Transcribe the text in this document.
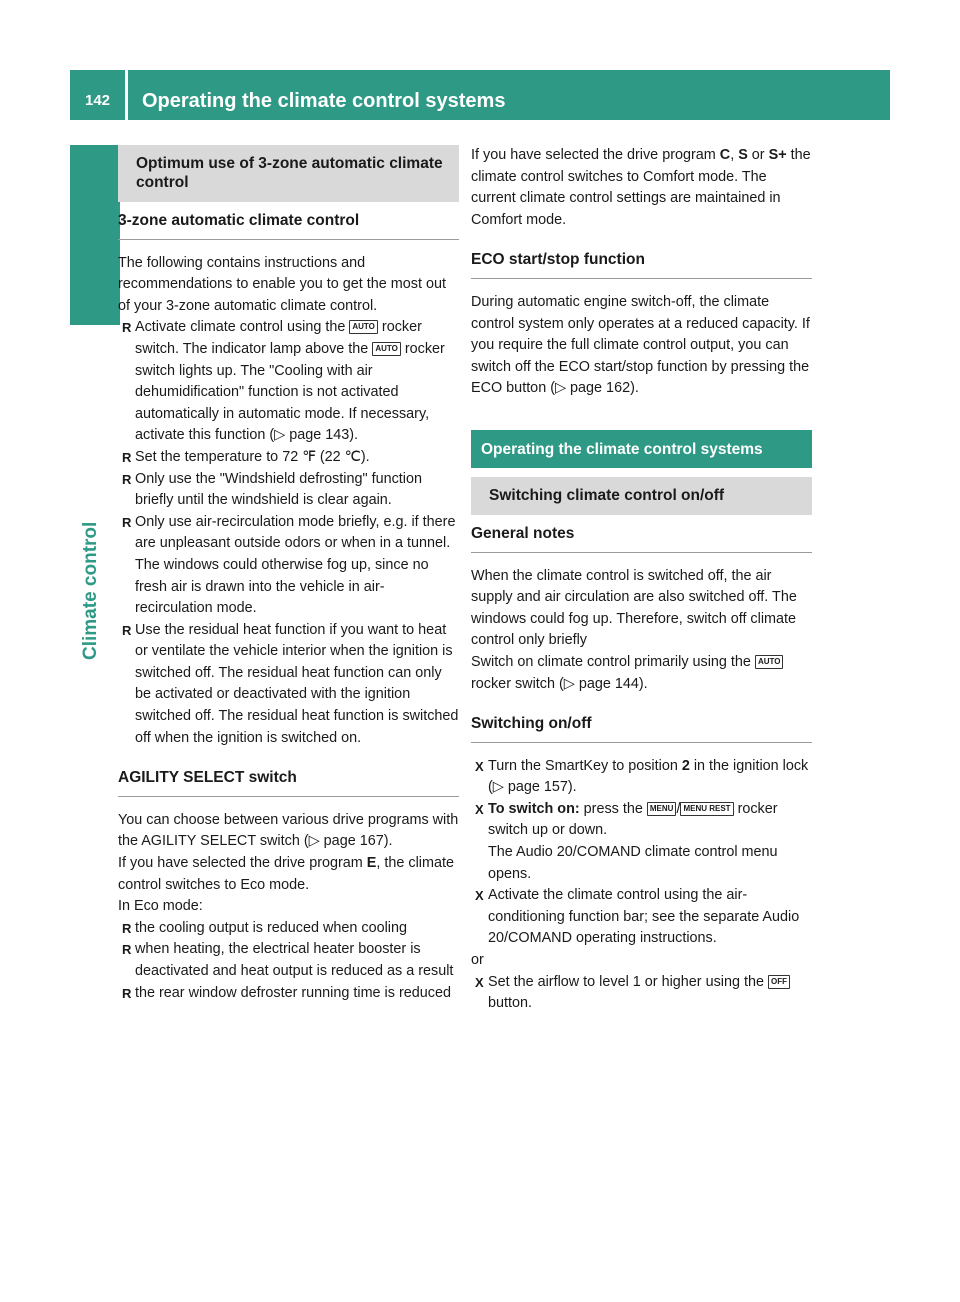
142	Operating the climate control systems
Climate control
Optimum use of 3-zone automatic climate control
3-zone automatic climate control

The following contains instructions and recommendations to enable you to get the most out of your 3-zone automatic climate control.

R Activate climate control using the AUTO rocker switch. The indicator lamp above the AUTO rocker switch lights up. The "Cooling with air dehumidification" function is not activated automatically in automatic mode. If necessary, activate this function (▷ page 143).
R Set the temperature to 72 ℉ (22 ℃).
R Only use the "Windshield defrosting" function briefly until the windshield is clear again.
R Only use air-recirculation mode briefly, e.g. if there are unpleasant outside odors or when in a tunnel. The windows could otherwise fog up, since no fresh air is drawn into the vehicle in air-recirculation mode.
R Use the residual heat function if you want to heat or ventilate the vehicle interior when the ignition is switched off. The residual heat function can only be activated or deactivated with the ignition switched off. The residual heat function is switched off when the ignition is switched on.
AGILITY SELECT switch

You can choose between various drive programs with the AGILITY SELECT switch (▷ page 167).

If you have selected the drive program E, the climate control switches to Eco mode.

In Eco mode:

R the cooling output is reduced when cooling
R when heating, the electrical heater booster is deactivated and heat output is reduced as a result
R the rear window defroster running time is reduced

If you have selected the drive program C, S or S+ the climate control switches to Comfort mode. The current climate control settings are maintained in Comfort mode.

ECO start/stop function

During automatic engine switch-off, the climate control system only operates at a reduced capacity. If you require the full climate control output, you can switch off the ECO start/stop function by pressing the ECO button (▷ page 162).

Operating the climate control systems
Switching climate control on/off
General notes

When the climate control is switched off, the air supply and air circulation are also switched off. The windows could fog up. Therefore, switch off climate control only briefly

Switch on climate control primarily using the AUTO rocker switch (▷ page 144).

Switching on/off
X Turn the SmartKey to position 2 in the ignition lock (▷ page 157).
X To switch on: press the MENU / MENU REST rocker switch up or down.
The Audio 20/COMAND climate control menu opens.
X Activate the climate control using the air-conditioning function bar; see the separate Audio 20/COMAND operating instructions.

or

X Set the airflow to level 1 or higher using the OFF button.
